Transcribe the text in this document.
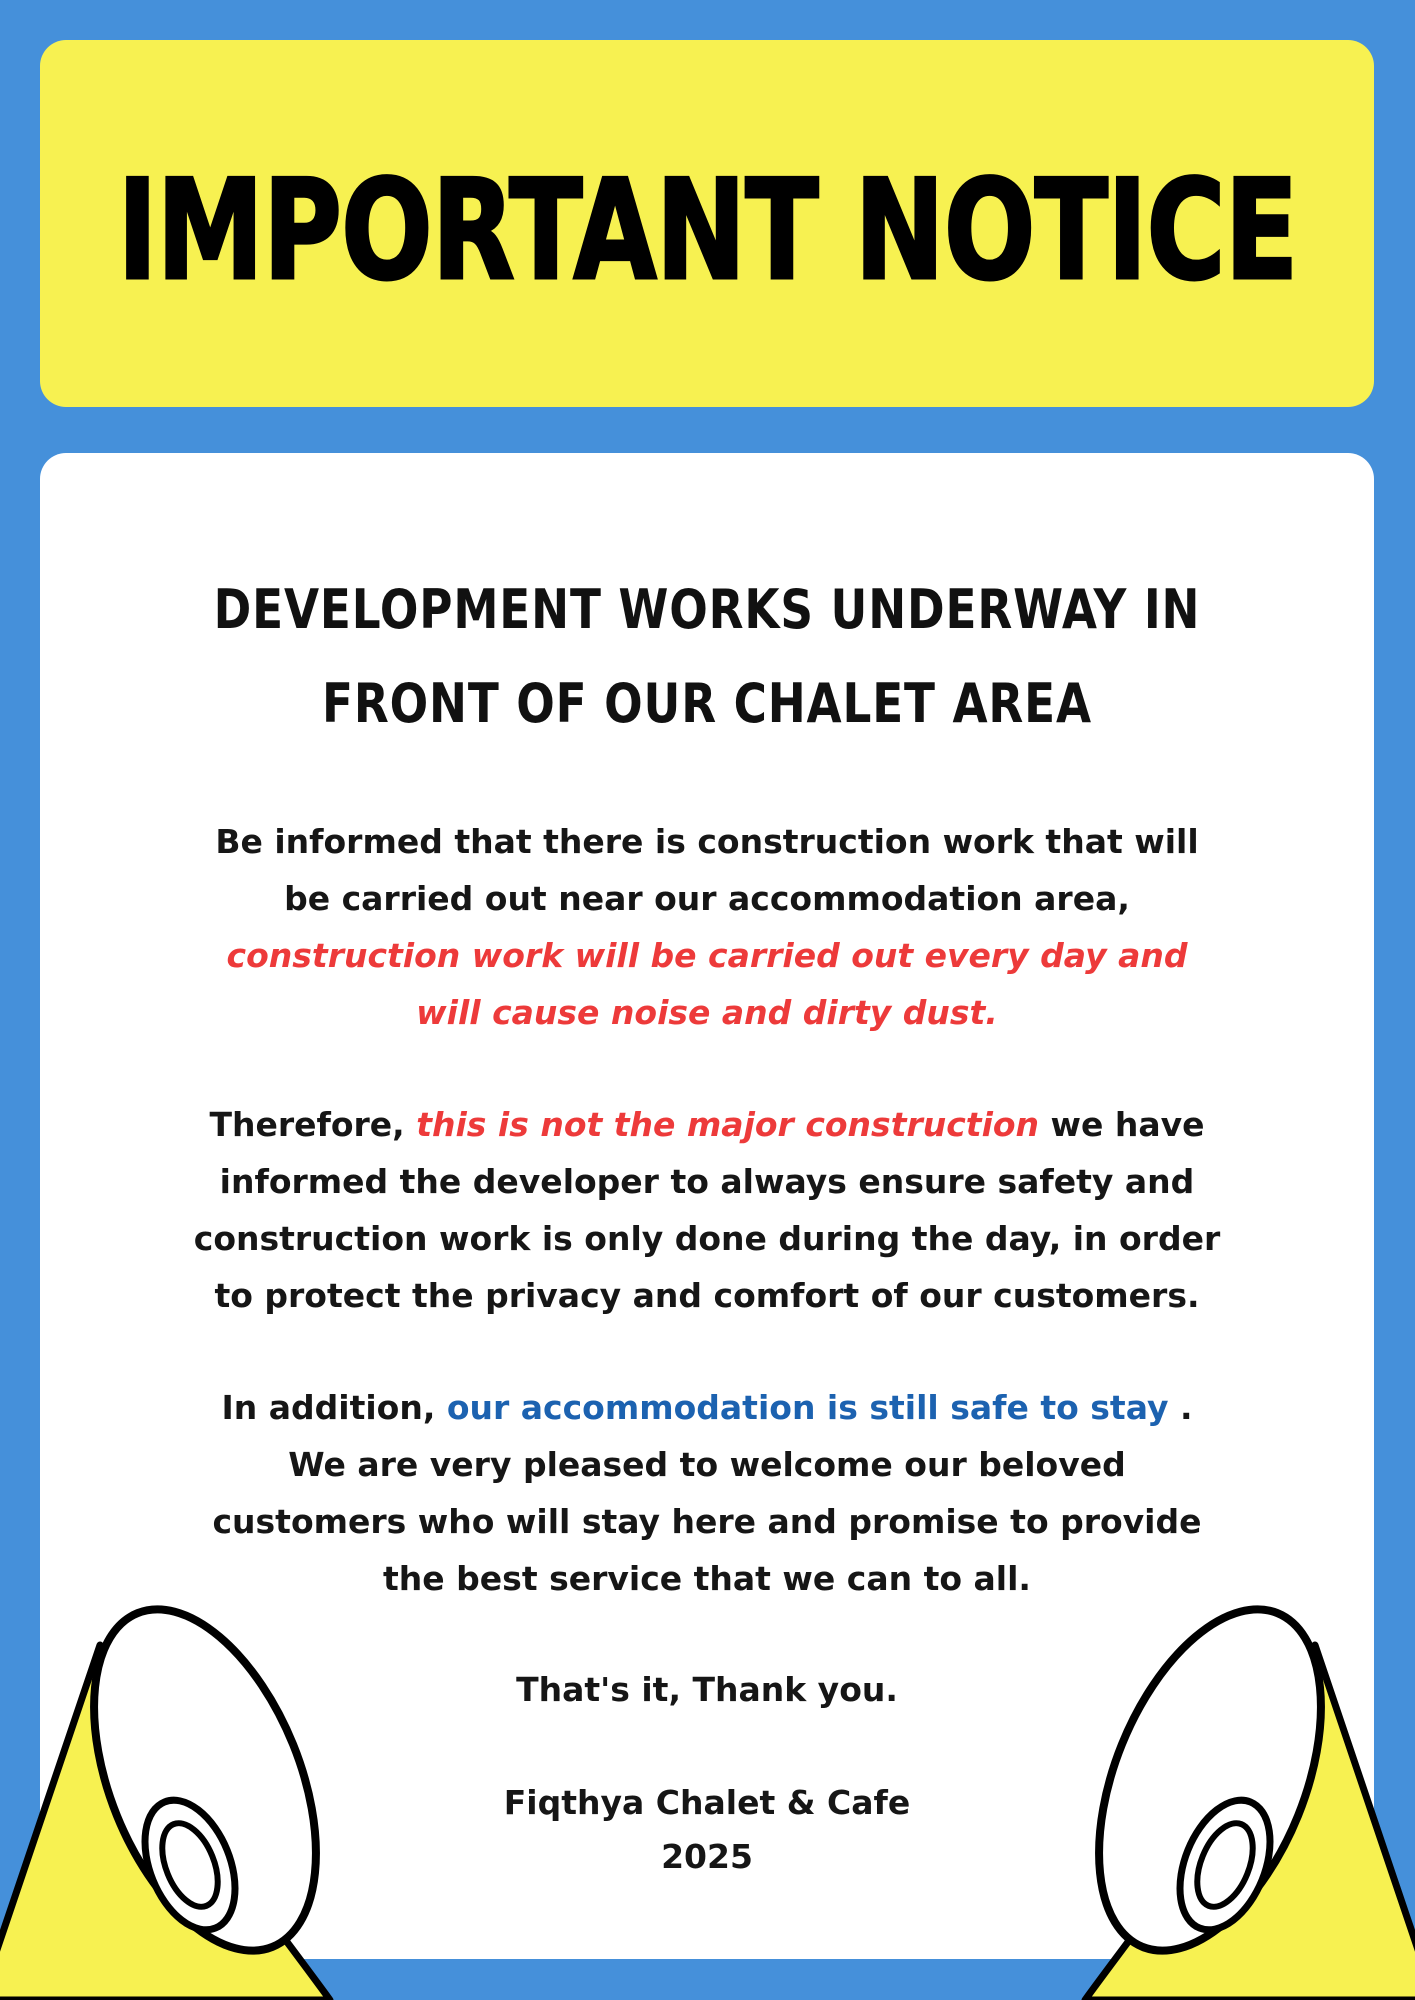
IMPORTANT NOTICE
DEVELOPMENT WORKS UNDERWAY IN
FRONT OF OUR CHALET AREA
Be informed that there is construction work that will
be carried out near our accommodation area,
construction work will be carried out every day and
will cause noise and dirty dust.
Therefore, this is not the major construction we have
informed the developer to always ensure safety and
construction work is only done during the day, in order
to protect the privacy and comfort of our customers.
In addition, our accommodation is still safe to stay .
We are very pleased to welcome our beloved
customers who will stay here and promise to provide
the best service that we can to all.
That's it, Thank you.
Fiqthya Chalet & Cafe
2025
